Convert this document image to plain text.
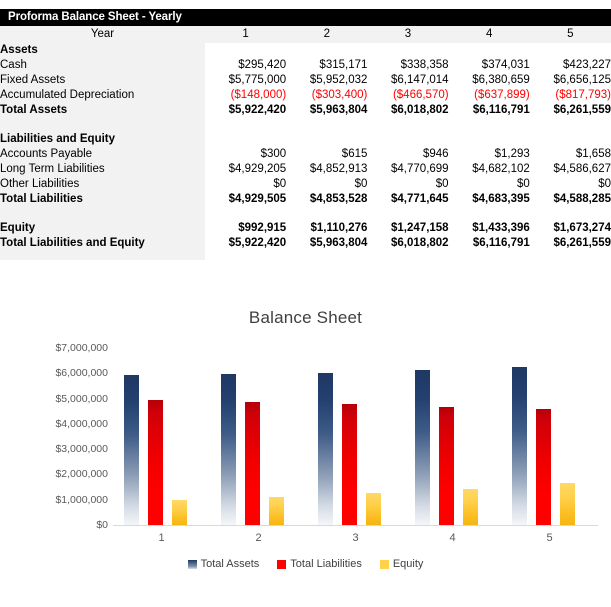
Proforma Balance Sheet - Yearly
Year	1	2	3	4	5
Assets					
Cash	$295,420	$315,171	$338,358	$374,031	$423,227
Fixed Assets	$5,775,000	$5,952,032	$6,147,014	$6,380,659	$6,656,125
Accumulated Depreciation	($148,000)	($303,400)	($466,570)	($637,899)	($817,793)
Total Assets	$5,922,420	$5,963,804	$6,018,802	$6,116,791	$6,261,559

Liabilities and Equity					
Accounts Payable	$300	$615	$946	$1,293	$1,658
Long Term Liabilities	$4,929,205	$4,852,913	$4,770,699	$4,682,102	$4,586,627
Other Liabilities	$0	$0	$0	$0	$0
Total Liabilities	$4,929,505	$4,853,528	$4,771,645	$4,683,395	$4,588,285

Equity	$992,915	$1,110,276	$1,247,158	$1,433,396	$1,673,274
Total Liabilities and Equity	$5,922,420	$5,963,804	$6,018,802	$6,116,791	$6,261,559

Balance Sheet
$7,000,000
$6,000,000
$5,000,000
$4,000,000
$3,000,000
$2,000,000
$1,000,000
$0
Total Assets	Total Liabilities	Equity
1	2	3	4	5
